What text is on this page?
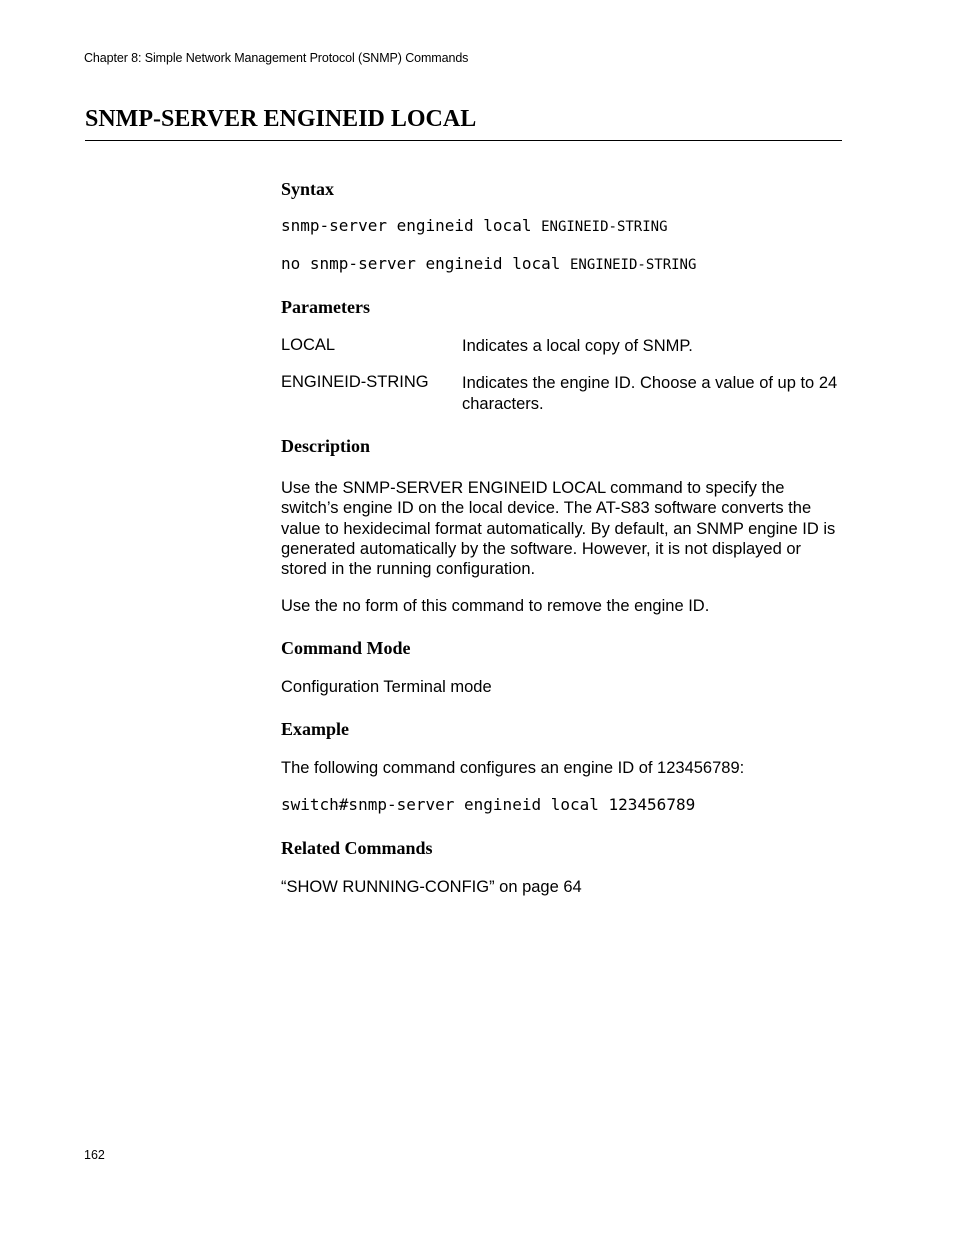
Chapter 8: Simple Network Management Protocol (SNMP) Commands
SNMP-SERVER ENGINEID LOCAL
Syntax
snmp-server engineid local ENGINEID-STRING
no snmp-server engineid local ENGINEID-STRING
Parameters
LOCAL	Indicates a local copy of SNMP.
ENGINEID-STRING Indicates the engine ID. Choose a value of up to 24 characters.
Description

Use the SNMP-SERVER ENGINEID LOCAL command to specify the switch’s engine ID on the local device. The AT-S83 software converts the value to hexidecimal format automatically. By default, an SNMP engine ID is generated automatically by the software. However, it is not displayed or stored in the running configuration.

Use the no form of this command to remove the engine ID.

Command Mode

Configuration Terminal mode

Example

The following command configures an engine ID of 123456789:

switch#snmp-server engineid local 123456789
Related Commands

“SHOW RUNNING-CONFIG” on page 64

162
